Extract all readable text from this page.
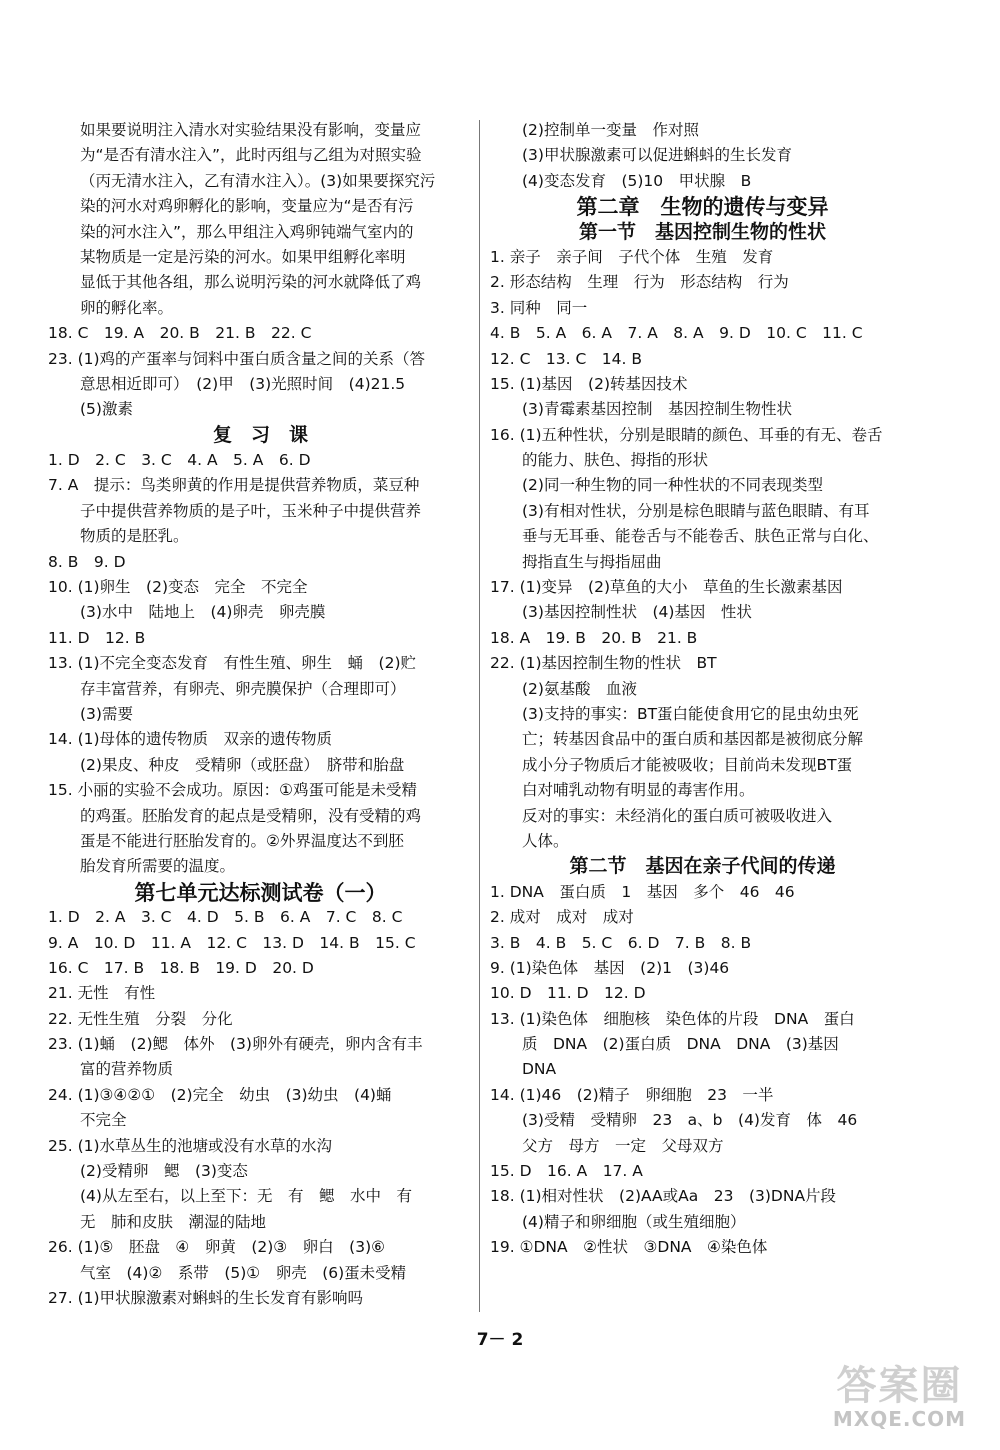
如果要说明注入清水对实验结果没有影响，变量应
为“是否有清水注入”，此时丙组与乙组为对照实验
（丙无清水注入，乙有清水注入）。(3)如果要探究污
染的河水对鸡卵孵化的影响，变量应为“是否有污
染的河水注入”，那么甲组注入鸡卵钝端气室内的
某物质是一定是污染的河水。如果甲组孵化率明
显低于其他各组，那么说明污染的河水就降低了鸡
卵的孵化率。
18. C　19. A　20. B　21. B　22. C
23. (1)鸡的产蛋率与饲料中蛋白质含量之间的关系（答
意思相近即可）　(2)甲　(3)光照时间　(4)21.5
(5)激素
复　习　课
1. D　2. C　3. C　4. A　5. A　6. D
7. A　提示：鸟类卵黄的作用是提供营养物质，菜豆种
子中提供营养物质的是子叶，玉米种子中提供营养
物质的是胚乳。
8. B　9. D
10. (1)卵生　(2)变态　完全　不完全
(3)水中　陆地上　(4)卵壳　卵壳膜
11. D　12. B
13. (1)不完全变态发育　有性生殖、卵生　蛹　(2)贮
存丰富营养，有卵壳、卵壳膜保护（合理即可）
(3)需要
14. (1)母体的遗传物质　双亲的遗传物质
(2)果皮、种皮　受精卵（或胚盘）　脐带和胎盘
15. 小丽的实验不会成功。原因：①鸡蛋可能是未受精
的鸡蛋。胚胎发育的起点是受精卵，没有受精的鸡
蛋是不能进行胚胎发育的。②外界温度达不到胚
胎发育所需要的温度。
第七单元达标测试卷（一）
1. D　2. A　3. C　4. D　5. B　6. A　7. C　8. C
9. A　10. D　11. A　12. C　13. D　14. B　15. C
16. C　17. B　18. B　19. D　20. D
21. 无性　有性
22. 无性生殖　分裂　分化
23. (1)蛹　(2)鳃　体外　(3)卵外有硬壳，卵内含有丰
富的营养物质
24. (1)③④②①　(2)完全　幼虫　(3)幼虫　(4)蛹
不完全
25. (1)水草丛生的池塘或没有水草的水沟
(2)受精卵　鳃　(3)变态
(4)从左至右，以上至下：无　有　鳃　水中　有
无　肺和皮肤　潮湿的陆地
26. (1)⑤　胚盘　④　卵黄　(2)③　卵白　(3)⑥
气室　(4)②　系带　(5)①　卵壳　(6)蛋未受精
27. (1)甲状腺激素对蝌蚪的生长发育有影响吗
(2)控制单一变量　作对照
(3)甲状腺激素可以促进蝌蚪的生长发育
(4)变态发育　(5)10　甲状腺　B
第二章　生物的遗传与变异
第一节　基因控制生物的性状
1. 亲子　亲子间　子代个体　生殖　发育
2. 形态结构　生理　行为　形态结构　行为
3. 同种　同一
4. B　5. A　6. A　7. A　8. A　9. D　10. C　11. C
12. C　13. C　14. B
15. (1)基因　(2)转基因技术
(3)青霉素基因控制　基因控制生物性状
16. (1)五种性状，分别是眼睛的颜色、耳垂的有无、卷舌
的能力、肤色、拇指的形状
(2)同一种生物的同一种性状的不同表现类型
(3)有相对性状，分别是棕色眼睛与蓝色眼睛、有耳
垂与无耳垂、能卷舌与不能卷舌、肤色正常与白化、
拇指直生与拇指屈曲
17. (1)变异　(2)草鱼的大小　草鱼的生长激素基因
(3)基因控制性状　(4)基因　性状
18. A　19. B　20. B　21. B
22. (1)基因控制生物的性状　BT
(2)氨基酸　血液
(3)支持的事实：BT蛋白能使食用它的昆虫幼虫死
亡；转基因食品中的蛋白质和基因都是被彻底分解
成小分子物质后才能被吸收；目前尚未发现BT蛋
白对哺乳动物有明显的毒害作用。
反对的事实：未经消化的蛋白质可被吸收进入
人体。
第二节　基因在亲子代间的传递
1. DNA　蛋白质　1　基因　多个　46　46
2. 成对　成对　成对
3. B　4. B　5. C　6. D　7. B　8. B
9. (1)染色体　基因　(2)1　(3)46
10. D　11. D　12. D
13. (1)染色体　细胞核　染色体的片段　DNA　蛋白
质　DNA　(2)蛋白质　DNA　DNA　(3)基因
DNA
14. (1)46　(2)精子　卵细胞　23　一半
(3)受精　受精卵　23　a、b　(4)发育　体　46
父方　母方　一定　父母双方
15. D　16. A　17. A
18. (1)相对性状　(2)AA或Aa　23　(3)DNA片段
(4)精子和卵细胞（或生殖细胞）
19. ①DNA　②性状　③DNA　④染色体
7－ 2
答案圈
MXQE.COM
